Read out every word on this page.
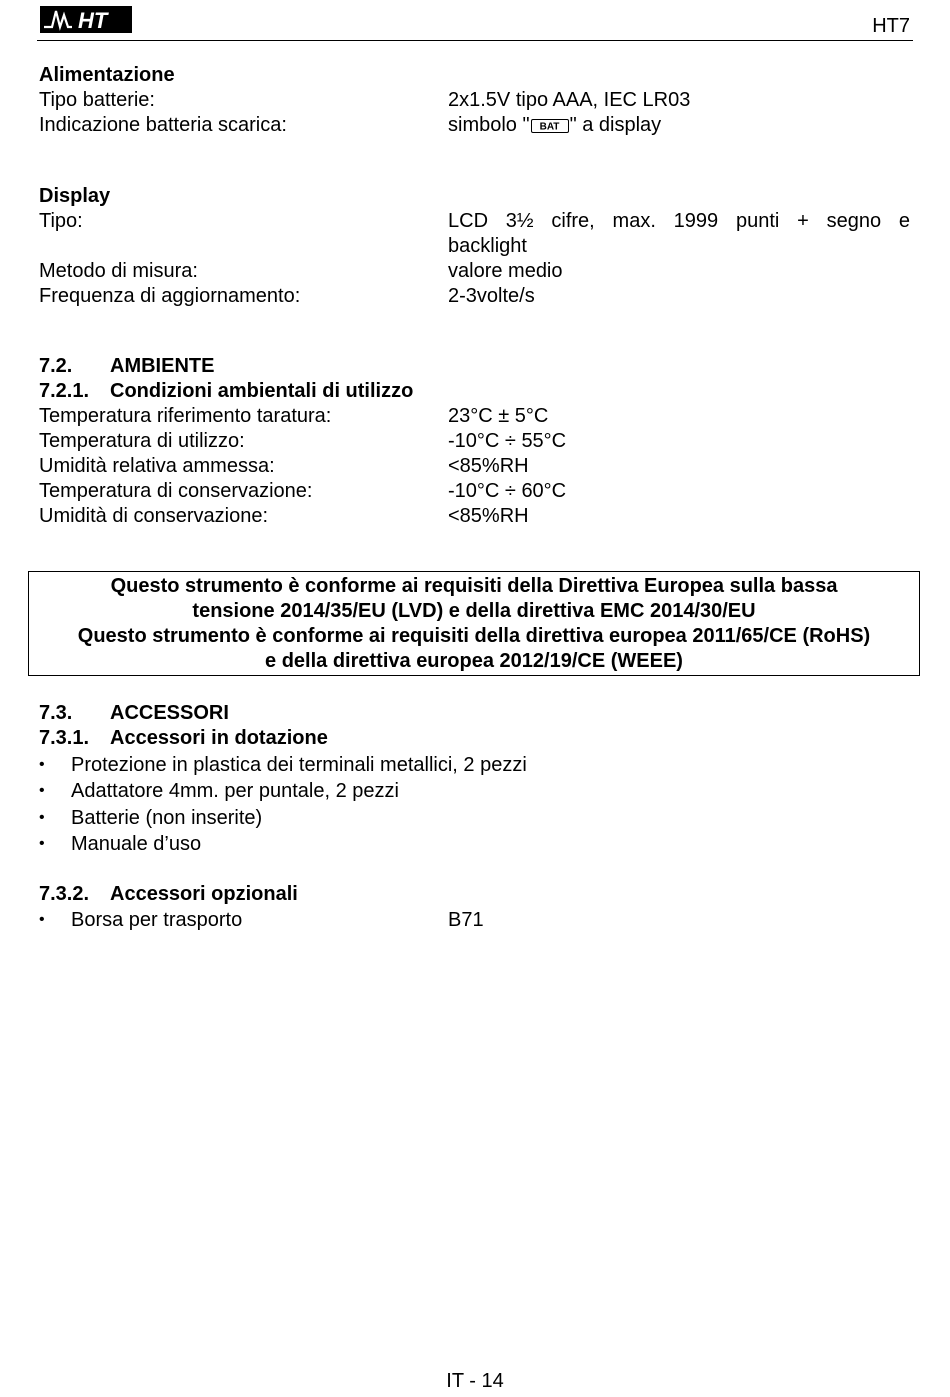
HT	HT7
Alimentazione
Tipo batterie:	2x1.5V tipo AAA, IEC LR03
Indicazione batteria scarica:	simbolo " BAT " a display
Display
Tipo:	LCD 3½ cifre, max. 1999 punti + segno e
backlight
Metodo di misura:	valore medio
Frequenza di aggiornamento:	2-3volte/s
7.2. AMBIENTE
7.2.1. Condizioni ambientali di utilizzo
Temperatura riferimento taratura:	23°C ± 5°C
Temperatura di utilizzo:	-10°C ÷ 55°C
Umidità relativa ammessa:	<85%RH
Temperatura di conservazione:	-10°C ÷ 60°C
Umidità di conservazione:	<85%RH
Questo strumento è conforme ai requisiti della Direttiva Europea sulla bassa
tensione 2014/35/EU (LVD) e della direttiva EMC 2014/30/EU
Questo strumento è conforme ai requisiti della direttiva europea 2011/65/CE (RoHS)
e della direttiva europea 2012/19/CE (WEEE)
7.3. ACCESSORI
7.3.1. Accessori in dotazione
• Protezione in plastica dei terminali metallici, 2 pezzi
• Adattatore 4mm. per puntale, 2 pezzi
• Batterie (non inserite)
• Manuale d’uso
7.3.2. Accessori opzionali
• Borsa per trasporto	B71
IT - 14
